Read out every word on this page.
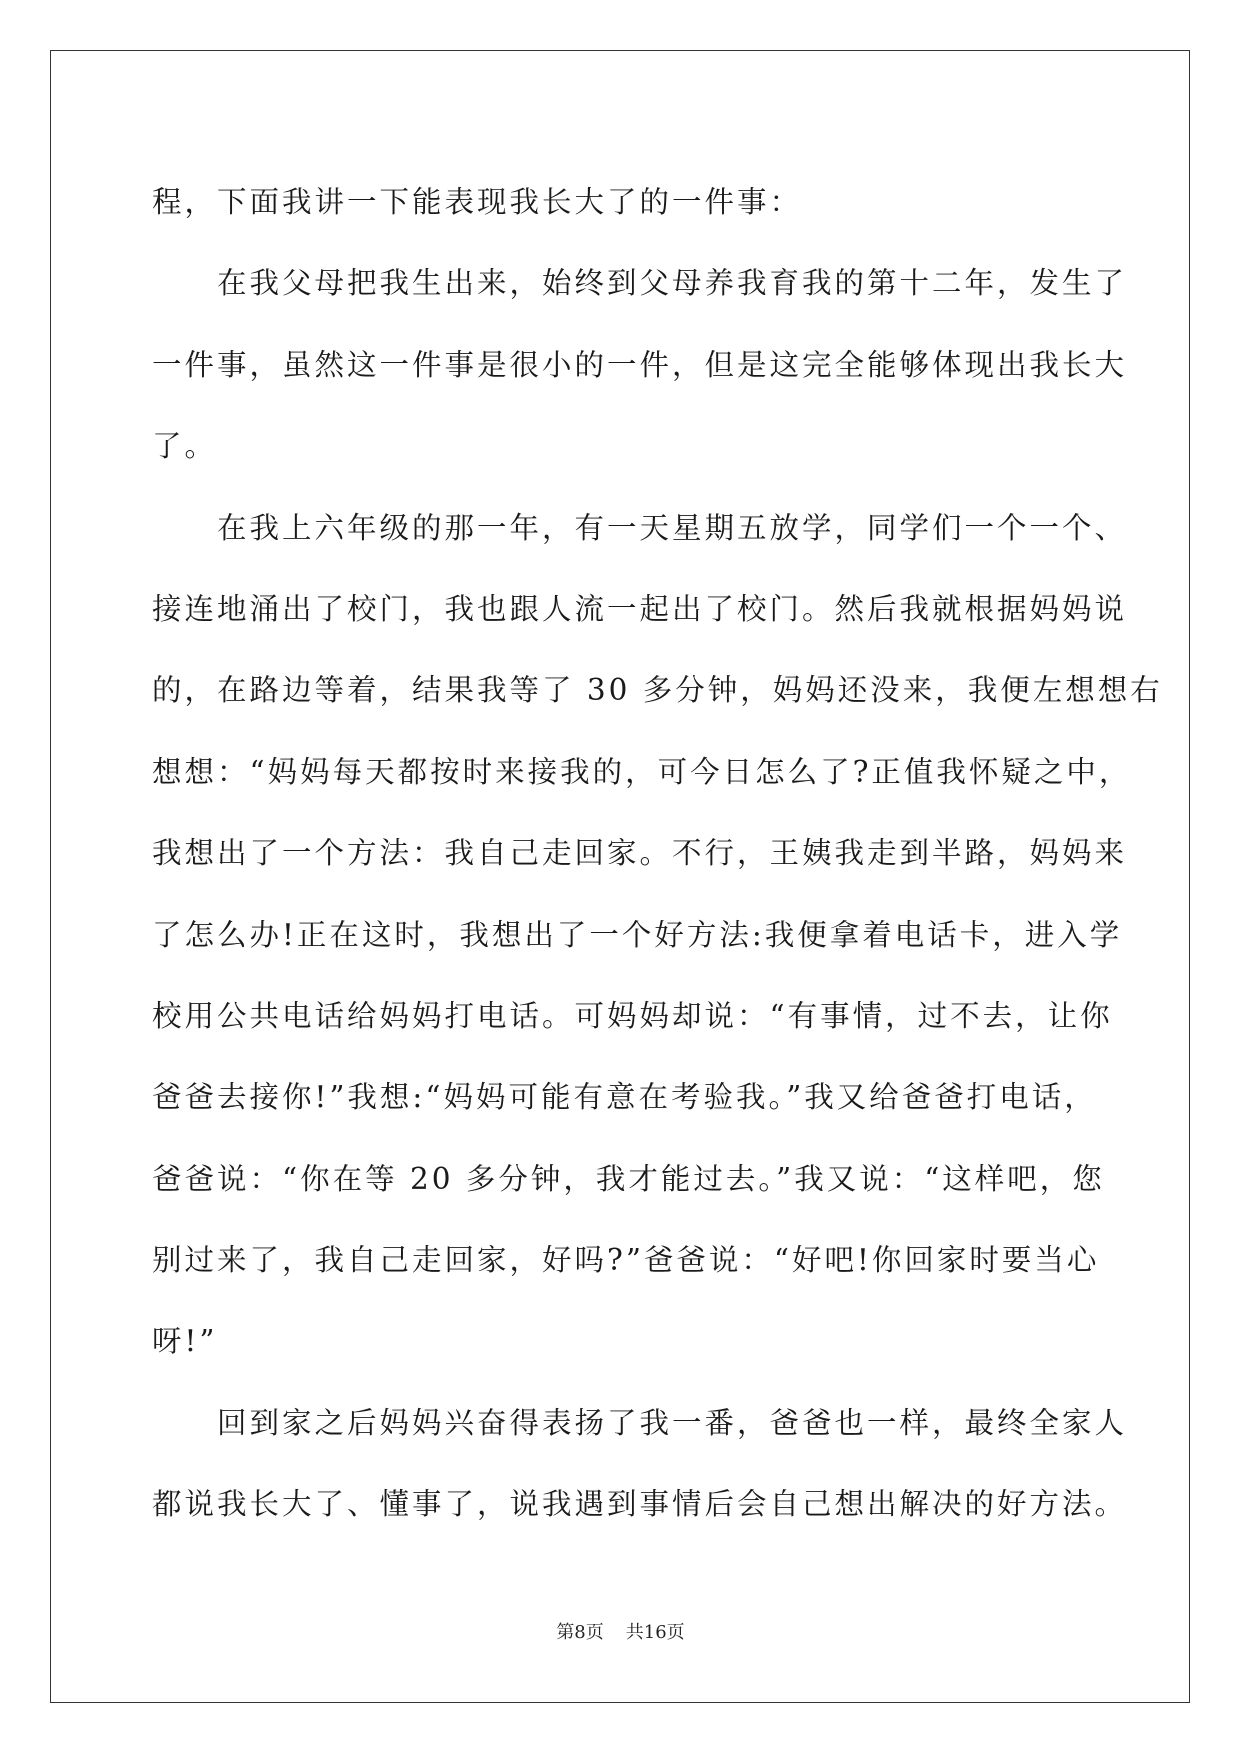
程，下面我讲一下能表现我长大了的一件事：
　　在我父母把我生出来，始终到父母养我育我的第十二年，发生了
一件事，虽然这一件事是很小的一件，但是这完全能够体现出我长大
了。
　　在我上六年级的那一年，有一天星期五放学，同学们一个一个、
接连地涌出了校门，我也跟人流一起出了校门。然后我就根据妈妈说
的，在路边等着，结果我等了 30 多分钟，妈妈还没来，我便左想想右
想想：“妈妈每天都按时来接我的，可今日怎么了?正值我怀疑之中，
我想出了一个方法：我自己走回家。不行，王姨我走到半路，妈妈来
了怎么办!正在这时，我想出了一个好方法:我便拿着电话卡，进入学
校用公共电话给妈妈打电话。可妈妈却说：“有事情，过不去，让你
爸爸去接你!”我想:“妈妈可能有意在考验我。”我又给爸爸打电话，
爸爸说：“你在等 20 多分钟，我才能过去。”我又说：“这样吧，您
别过来了，我自己走回家，好吗?”爸爸说：“好吧!你回家时要当心
呀!”
　　回到家之后妈妈兴奋得表扬了我一番，爸爸也一样，最终全家人
都说我长大了、懂事了，说我遇到事情后会自己想出解决的好方法。
第8页 共16页
